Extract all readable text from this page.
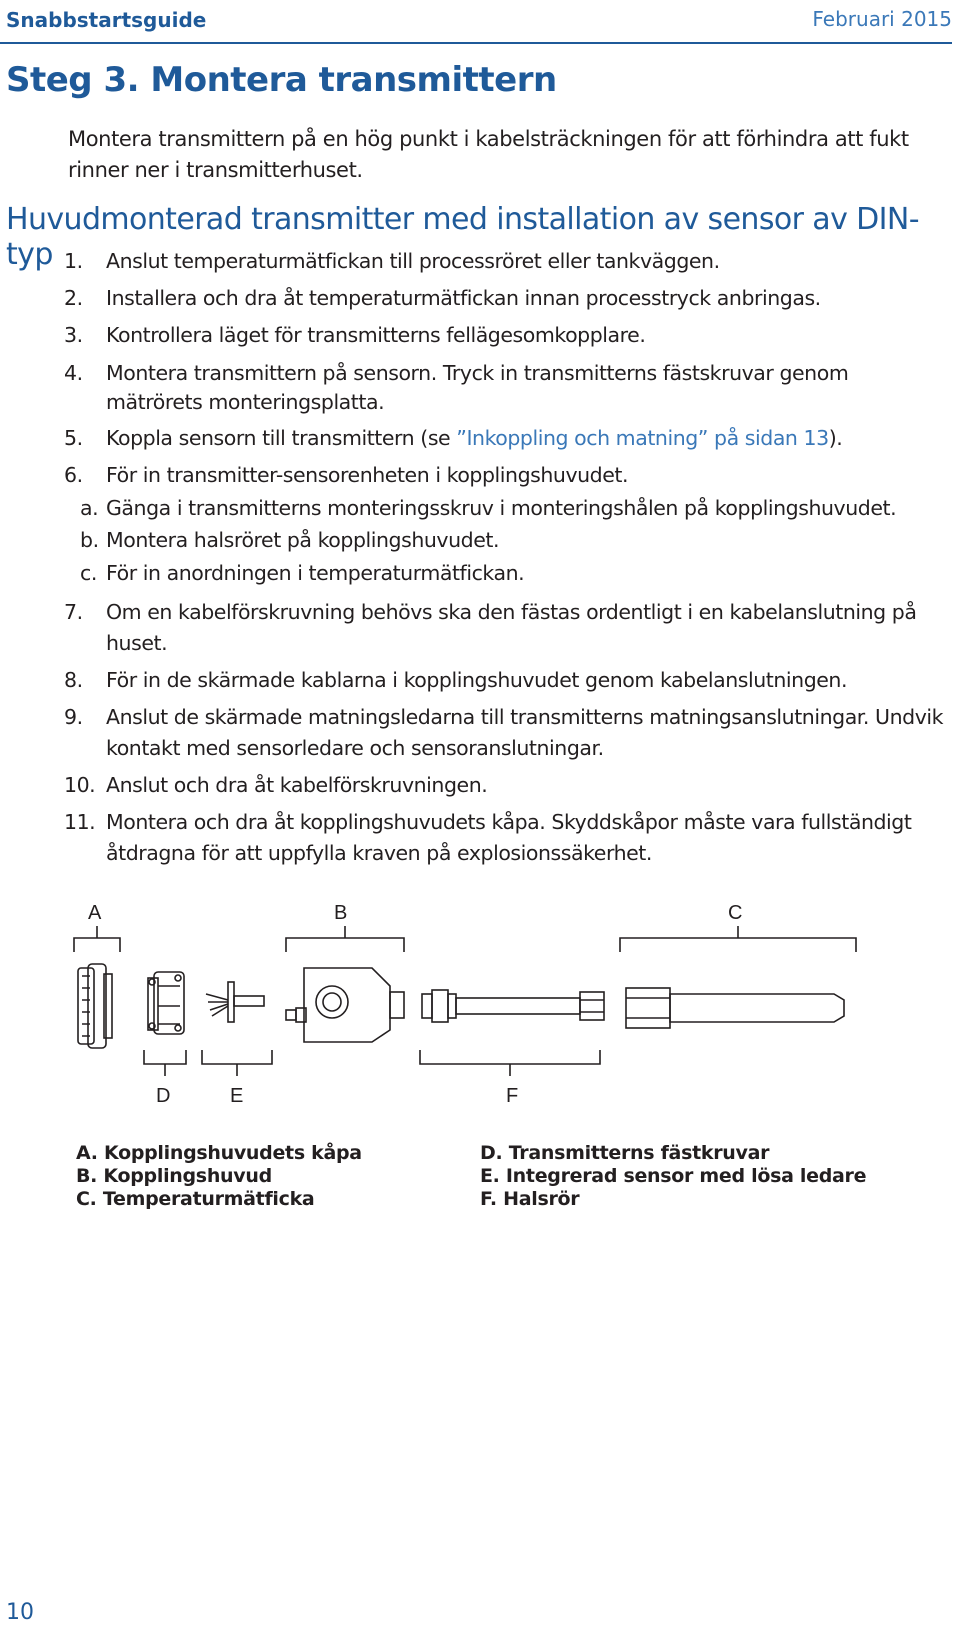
Snabbstartsguide	Februari 2015
Steg 3. Montera transmittern
Montera transmittern på en hög punkt i kabelsträckningen för att förhindra att fukt rinner ner i transmitterhuset.
Huvudmonterad transmitter med installation av sensor av DIN-typ 1. Anslut temperaturmätfickan till processröret eller tankväggen.
2. Installera och dra åt temperaturmätfickan innan processtryck anbringas.
3. Kontrollera läget för transmitterns fellägesomkopplare.
4. Montera transmittern på sensorn. Tryck in transmitterns fästskruvar genom mätrörets monteringsplatta.
5. Koppla sensorn till transmittern (se ”Inkoppling och matning” på sidan 13).
6. För in transmitter-sensorenheten i kopplingshuvudet.
a. Gänga i transmitterns monteringsskruv i monteringshålen på kopplingshuvudet.
b. Montera halsröret på kopplingshuvudet.
c. För in anordningen i temperaturmätfickan.
7. Om en kabelförskruvning behövs ska den fästas ordentligt i en kabelanslutning på huset.
8. För in de skärmade kablarna i kopplingshuvudet genom kabelanslutningen.
9. Anslut de skärmade matningsledarna till transmitterns matningsanslutningar. Undvik kontakt med sensorledare och sensoranslutningar.
10. Anslut och dra åt kabelförskruvningen.
11. Montera och dra åt kopplingshuvudets kåpa. Skyddskåpor måste vara fullständigt åtdragna för att uppfylla kraven på explosionssäkerhet.
A	B	C
D	E	F
A. Kopplingshuvudets kåpa
B. Kopplingshuvud
C. Temperaturmätficka
D. Transmitterns fästkruvar
E. Integrerad sensor med lösa ledare
F. Halsrör
10
